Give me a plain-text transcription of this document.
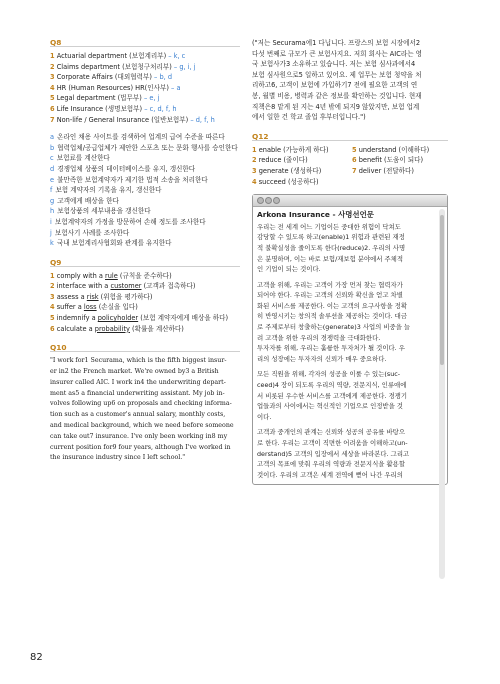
Q8
1 Actuarial department (보험계리부) – k, c
2 Claims department (보험청구처리부) – g, i, j
3 Corporate Affairs (대외협력부) – b, d
4 HR (Human Resources) HR(인사부) – a
5 Legal department (법무부) – e, j
6 Life Insurance (생명보험부) – c, d, f, h
7 Non-life / General Insurance (일반보험부) – d, f, h
a 온라인 채용 사이트를 검색하여 업계의 급여 수준을 따른다
b 협력업체/공급업체가 제안한 스포츠 또는 문화 행사를 승인한다
c 보험료를 계산한다
d 경쟁업체 상품의 데이터베이스를 유지, 갱신한다
e 불만족한 보험계약자가 제기한 법적 소송을 처리한다
f 보험 계약자의 기록을 유지, 갱신한다
g 고객에게 배상을 한다
h 보험상품의 세부내용을 갱신한다
i 보험계약자의 가정을 방문하여 손해 정도를 조사한다
j 보험사기 사례를 조사한다
k 국내 보험계리사협회와 관계를 유지한다
Q9
1 comply with a rule (규칙을 준수하다)
2 interface with a customer (고객과 접촉하다)
3 assess a risk (위험을 평가하다)
4 suffer a loss (손실을 입다)
5 indemnify a policyholder (보험 계약자에게 배상을 하다)
6 calculate a probability (확률을 계산하다)
Q10
"I work for1 Securama, which is the fifth biggest insur-
er in2 the French market. We're owned by3 a British
insurer called AIC. I work in4 the underwriting depart-
ment as5 a financial underwriting assistant. My job in-
volves following up6 on proposals and checking informa-
tion such as a customer's annual salary, monthly costs,
and medical background, which we need before someone
can take out7 insurance. I've only been working in8 my
current position for9 four years, although I've worked in
the insurance industry since I left school."
("저는 Securama에1 다닙니다. 프랑스의 보험 시장에서2
다섯 번째로 규모가 큰 보험사지요. 저희 회사는 AIC라는 영
국 보험사가3 소유하고 있습니다. 저는 보험 심사과에서4
보험 심사원으로5 일하고 있어요. 제 업무는 보험 청약을 처
리하고6, 고객이 보험에 가입하기7 전에 필요한 고객의 연
봉, 월별 비용, 병력과 같은 정보를 확인하는 것입니다. 현재
직책은8 맡게 된 지는 4년 밖에 되지9 않았지만, 보험 업계
에서 일한 건 학교 졸업 후부터입니다.")
Q12
1 enable (가능하게 하다)	5 understand (이해하다)
2 reduce (줄이다)	6 benefit (도움이 되다)
3 generate (생성하다)	7 deliver (전달하다)
4 succeed (성공하다)
Arkona Insurance - 사명선언문
우리는 전 세계 어느 기업이든 중대한 위험이 닥쳐도
감당할 수 있도록 하고(enable)1 위험과 관련된 재정
적 불확실성을 줄이도록 한다(reduce)2. 우리의 사명
은 분명하며, 이는 바로 보험/재보험 분야에서 주체적
인 기업이 되는 것이다.
고객을 위해, 우리는 고객이 가장 먼저 찾는 협력자가
되어야 한다. 우리는 고객의 신뢰와 확신을 얻고 차별
화된 서비스를 제공한다. 이는 고객의 요구사항을 정확
히 반영시키는 창의적 솔루션을 제공하는 것이다. 대금
로 주제로부터 창출하는(generate)3 사업의 비중을 늘
려 고객을 위한 우리의 경쟁력을 극대화한다.
투자자를 위해, 우리는 훌륭한 투자처가 될 것이다. 우
리의 성장에는 투자자의 신뢰가 매우 중요하다.
모든 직원을 위해, 각자의 성공을 이룰 수 있는(suc-
ceed)4 장이 되도록 우리의 역량, 전문지식, 인류애에
서 비롯된 우수한 서비스를 고객에게 제공한다. 경쟁기
업들과의 사이에서는 혁신적인 기업으로 인정받을 것
이다.
고객과 중개인의 관계는 신뢰와 성공의 공유를 바탕으
로 한다. 우리는 고객이 직면한 어려움을 이해하고(un-
derstand)5 고객의 입장에서 세상을 바라본다. 그리고
고객의 목표에 맞춰 우리의 역량과 전문지식을 활용할
것이다. 우리의 고객은 세계 전역에 뻗어 나간 우리의
82
